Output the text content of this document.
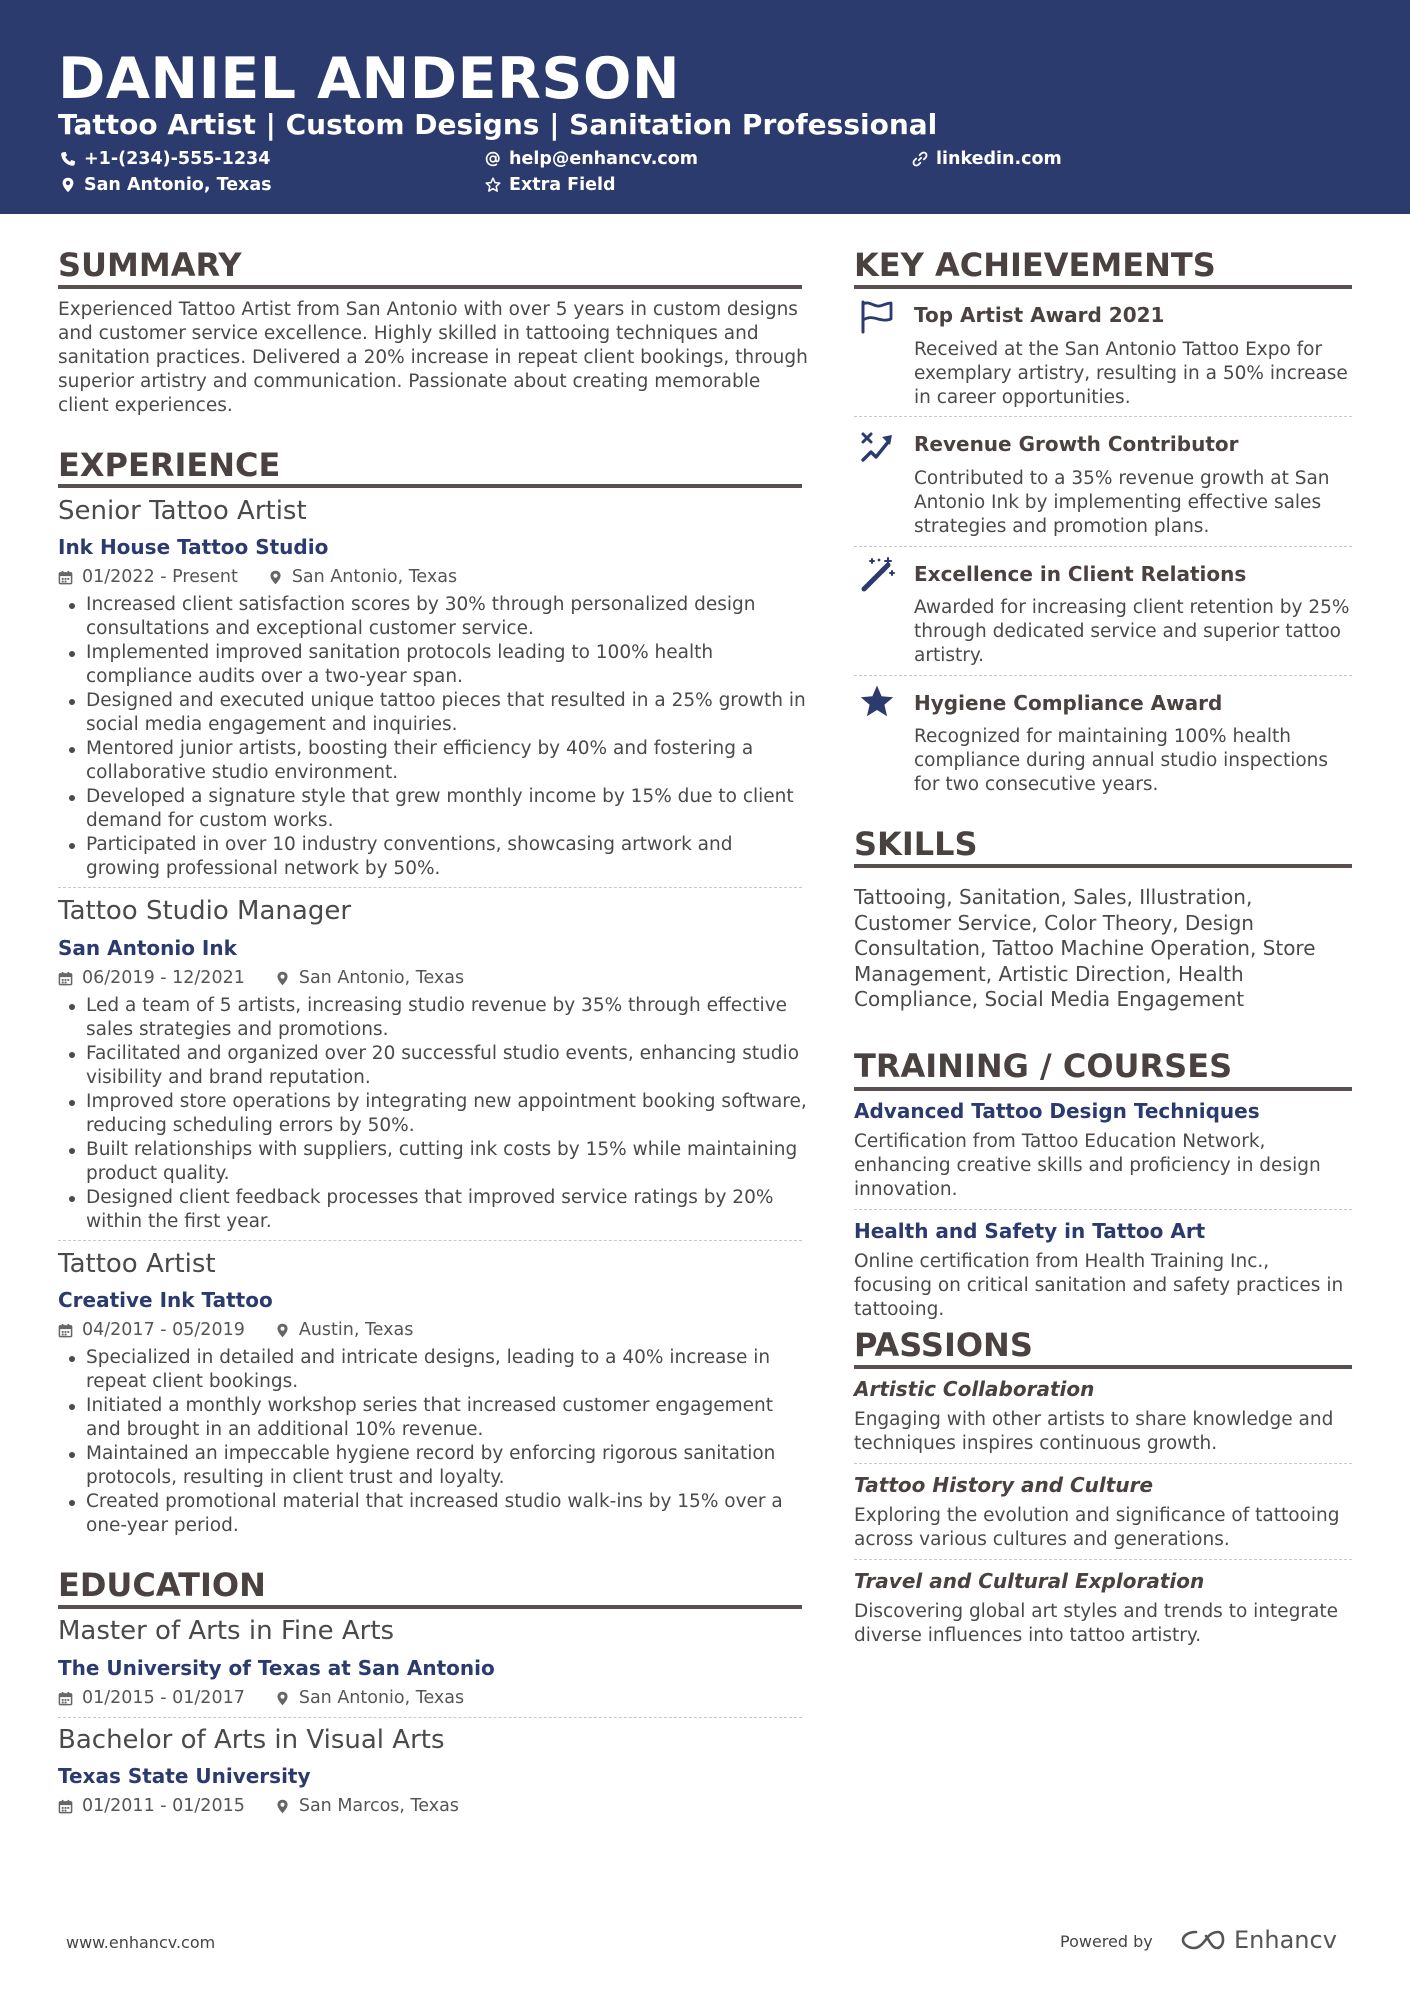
DANIEL ANDERSON
Tattoo Artist | Custom Designs | Sanitation Professional
+1-(234)-555-1234	help@enhancv.com	linkedin.com
San Antonio, Texas	Extra Field
SUMMARY
Experienced Tattoo Artist from San Antonio with over 5 years in custom designs and customer service excellence. Highly skilled in tattooing techniques and sanitation practices. Delivered a 20% increase in repeat client bookings, through superior artistry and communication. Passionate about creating memorable client experiences.
EXPERIENCE
Senior Tattoo Artist
Ink House Tattoo Studio
01/2022 - Present	San Antonio, Texas
Increased client satisfaction scores by 30% through personalized design consultations and exceptional customer service.
Implemented improved sanitation protocols leading to 100% health compliance audits over a two-year span.
Designed and executed unique tattoo pieces that resulted in a 25% growth in social media engagement and inquiries.
Mentored junior artists, boosting their efficiency by 40% and fostering a collaborative studio environment.
Developed a signature style that grew monthly income by 15% due to client demand for custom works.
Participated in over 10 industry conventions, showcasing artwork and growing professional network by 50%.
Tattoo Studio Manager
San Antonio Ink
06/2019 - 12/2021	San Antonio, Texas
Led a team of 5 artists, increasing studio revenue by 35% through effective sales strategies and promotions.
Facilitated and organized over 20 successful studio events, enhancing studio visibility and brand reputation.
Improved store operations by integrating new appointment booking software, reducing scheduling errors by 50%.
Built relationships with suppliers, cutting ink costs by 15% while maintaining product quality.
Designed client feedback processes that improved service ratings by 20% within the first year.
Tattoo Artist
Creative Ink Tattoo
04/2017 - 05/2019	Austin, Texas
Specialized in detailed and intricate designs, leading to a 40% increase in repeat client bookings.
Initiated a monthly workshop series that increased customer engagement and brought in an additional 10% revenue.
Maintained an impeccable hygiene record by enforcing rigorous sanitation protocols, resulting in client trust and loyalty.
Created promotional material that increased studio walk-ins by 15% over a one-year period.
EDUCATION
Master of Arts in Fine Arts
The University of Texas at San Antonio
01/2015 - 01/2017	San Antonio, Texas
Bachelor of Arts in Visual Arts
Texas State University
01/2011 - 01/2015	San Marcos, Texas
KEY ACHIEVEMENTS
Top Artist Award 2021
Received at the San Antonio Tattoo Expo for exemplary artistry, resulting in a 50% increase in career opportunities.
Revenue Growth Contributor
Contributed to a 35% revenue growth at San Antonio Ink by implementing effective sales strategies and promotion plans.
Excellence in Client Relations
Awarded for increasing client retention by 25% through dedicated service and superior tattoo artistry.
Hygiene Compliance Award
Recognized for maintaining 100% health compliance during annual studio inspections for two consecutive years.
SKILLS
Tattooing, Sanitation, Sales, Illustration, Customer Service, Color Theory, Design Consultation, Tattoo Machine Operation, Store Management, Artistic Direction, Health Compliance, Social Media Engagement
TRAINING / COURSES
Advanced Tattoo Design Techniques
Certification from Tattoo Education Network, enhancing creative skills and proficiency in design innovation.
Health and Safety in Tattoo Art
Online certification from Health Training Inc., focusing on critical sanitation and safety practices in tattooing.
PASSIONS
Artistic Collaboration
Engaging with other artists to share knowledge and techniques inspires continuous growth.
Tattoo History and Culture
Exploring the evolution and significance of tattooing across various cultures and generations.
Travel and Cultural Exploration
Discovering global art styles and trends to integrate diverse influences into tattoo artistry.
www.enhancv.com	Powered by	Enhancv
